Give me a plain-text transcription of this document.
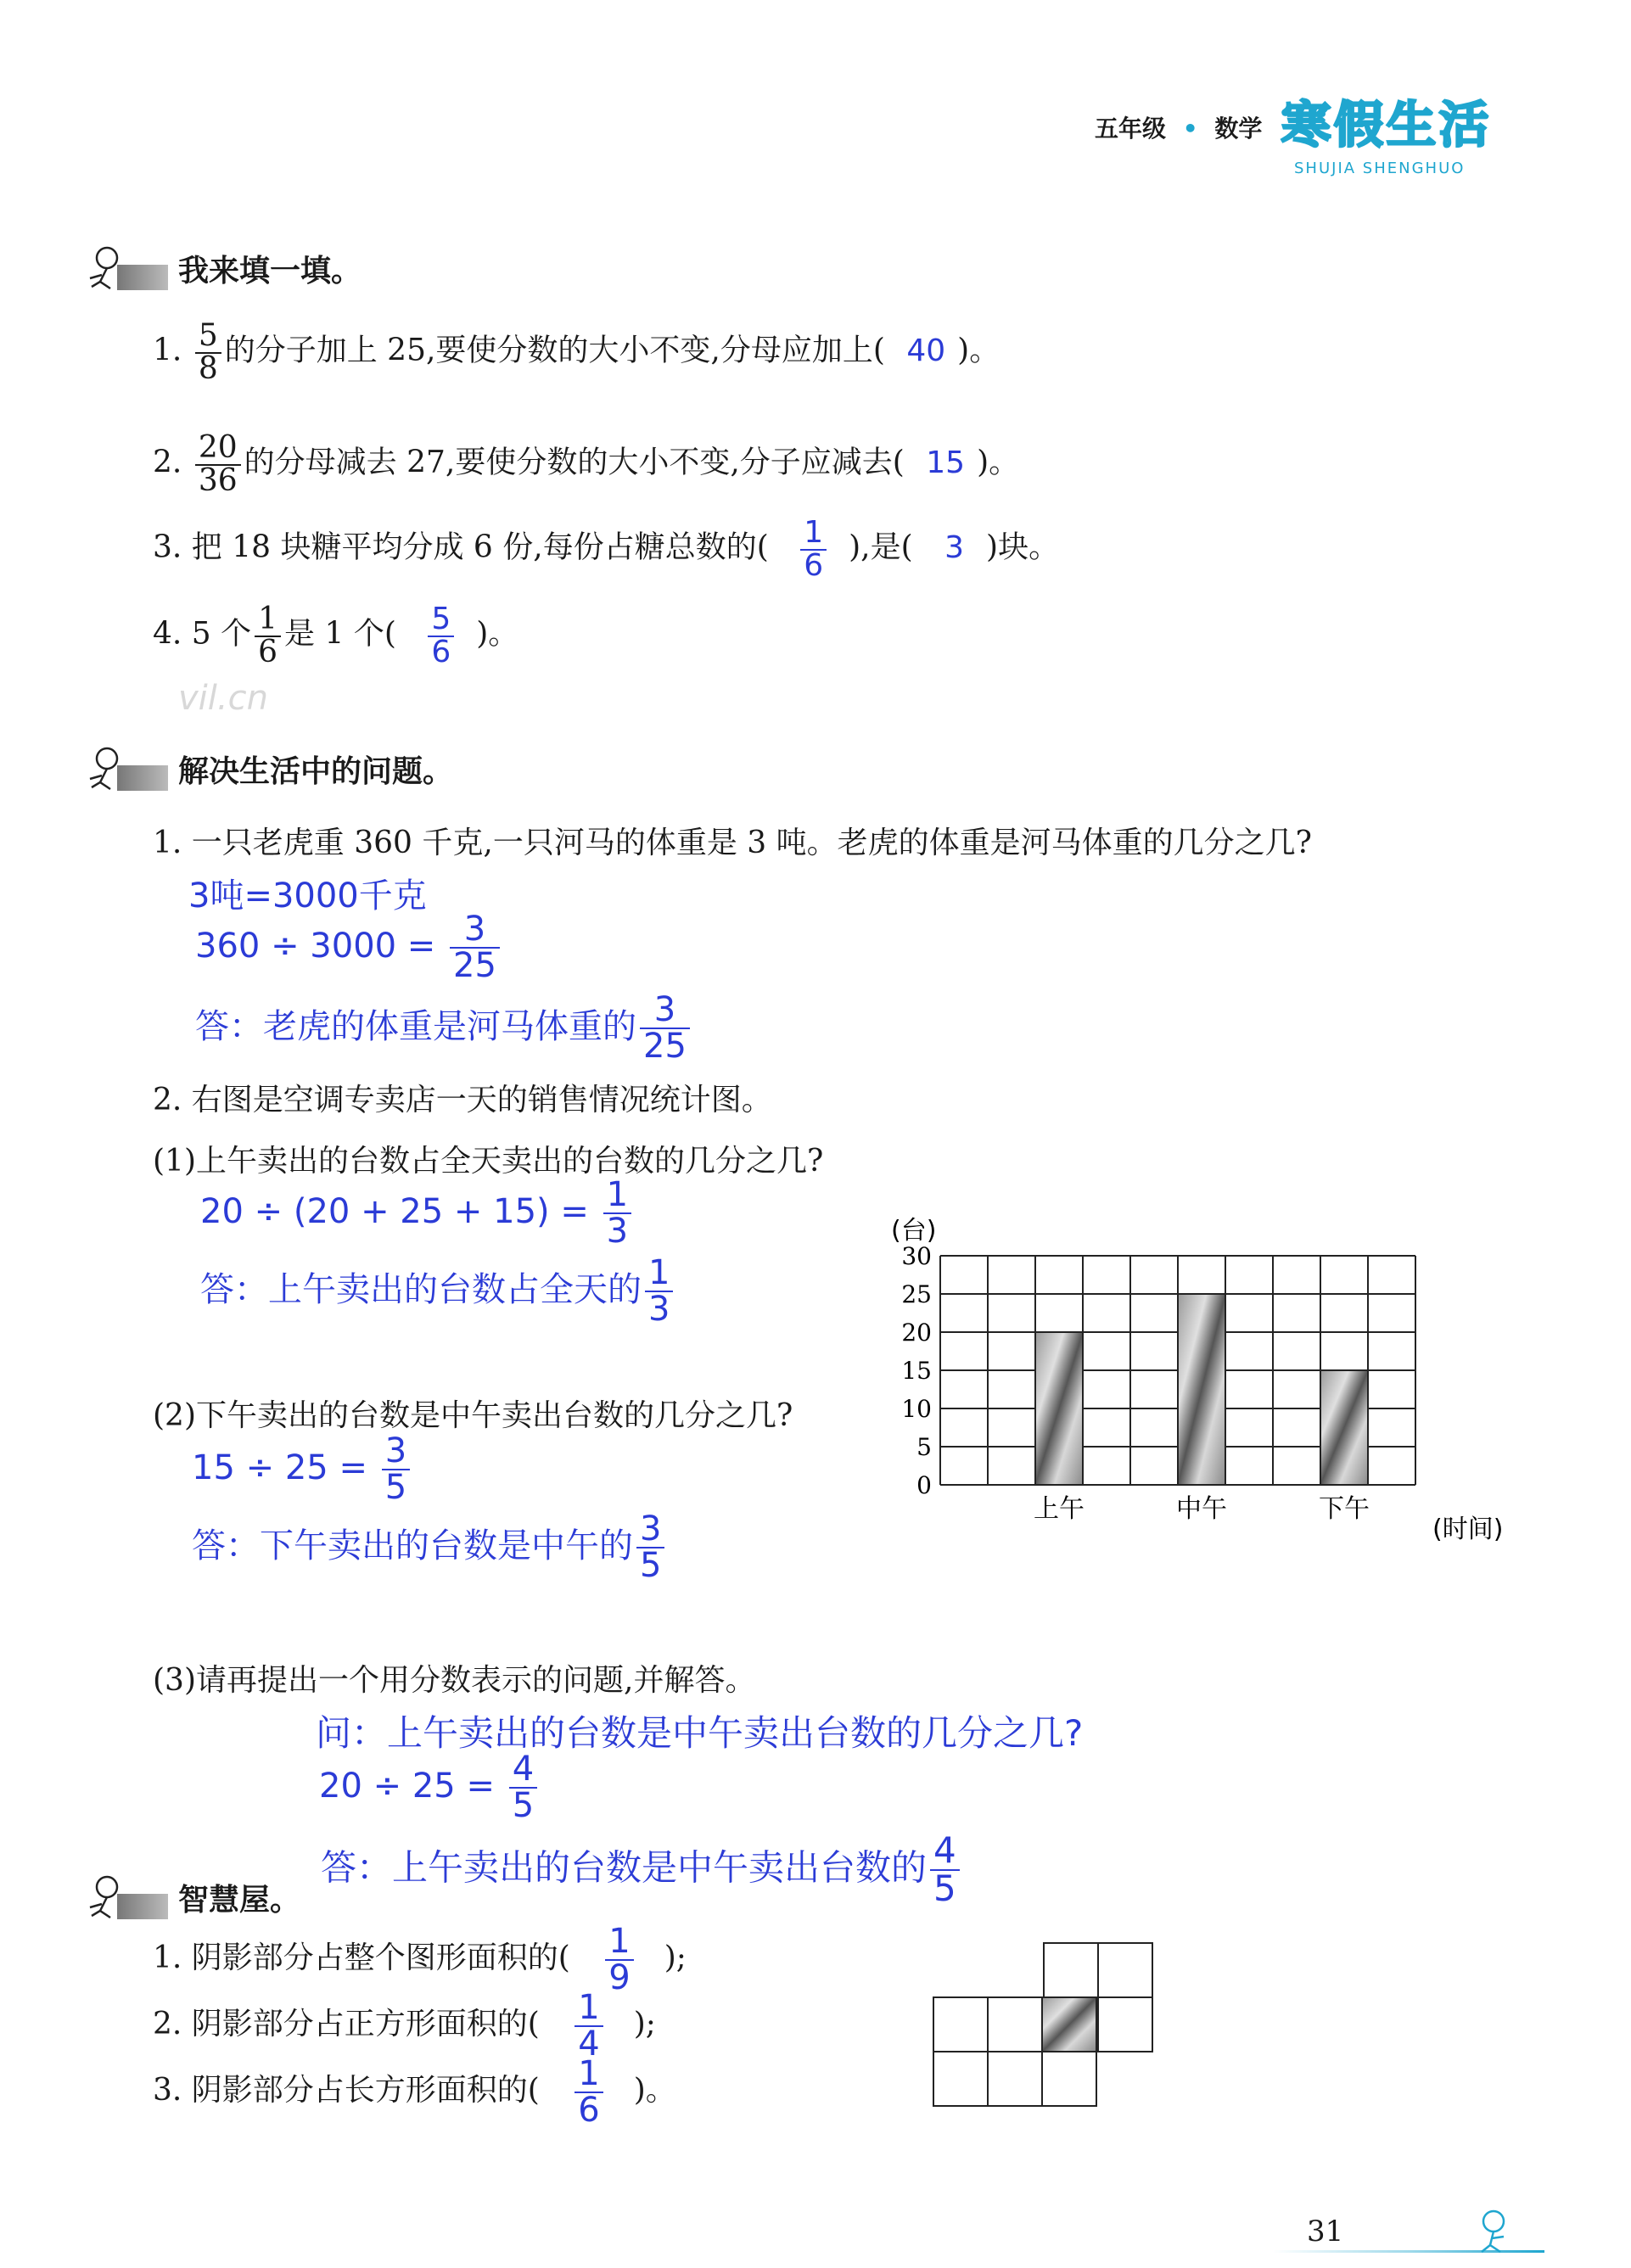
五年级 • 数学 寒假生活
SHUJIA SHENGHUO
我来填一填。
1. $\frac{5}{8}$ 的分子加上 25,要使分数的大小不变,分母应加上( 40 )。
2. $\frac{20}{36}$ 的分母减去 27,要使分数的大小不变,分子应减去( 15 )。
3. 把 18 块糖平均分成 6 份,每份占糖总数的( $\frac{1}{6}$ ),是( 3 )块。
4. 5 个 $\frac{1}{6}$ 是 1 个( $\frac{5}{6}$ )。
vil.cn
解决生活中的问题。
1. 一只老虎重 360 千克,一只河马的体重是 3 吨。老虎的体重是河马体重的几分之几?
3吨=3000千克
$360 \div 3000 = \frac{3}{25}$
答：老虎的体重是河马体重的 $\frac{3}{25}$
2. 右图是空调专卖店一天的销售情况统计图。
(1)上午卖出的台数占全天卖出的台数的几分之几?
$20 \div (20 + 25 + 15) = \frac{1}{3}$
答：上午卖出的台数占全天的 $\frac{1}{3}$
(2)下午卖出的台数是中午卖出台数的几分之几?
$15 \div 25 = \frac{3}{5}$
答：下午卖出的台数是中午的 $\frac{3}{5}$
(3)请再提出一个用分数表示的问题,并解答。
问：上午卖出的台数是中午卖出台数的几分之几?
$20 \div 25 = \frac{4}{5}$
答：上午卖出的台数是中午卖出台数的 $\frac{4}{5}$
(台)
0
5
10
15
20
25
30
上午	中午	下午
(时间)
智慧屋。
1. 阴影部分占整个图形面积的( $\frac{1}{9}$ );
2. 阴影部分占正方形面积的( $\frac{1}{4}$ );
3. 阴影部分占长方形面积的( $\frac{1}{6}$ )。
31
